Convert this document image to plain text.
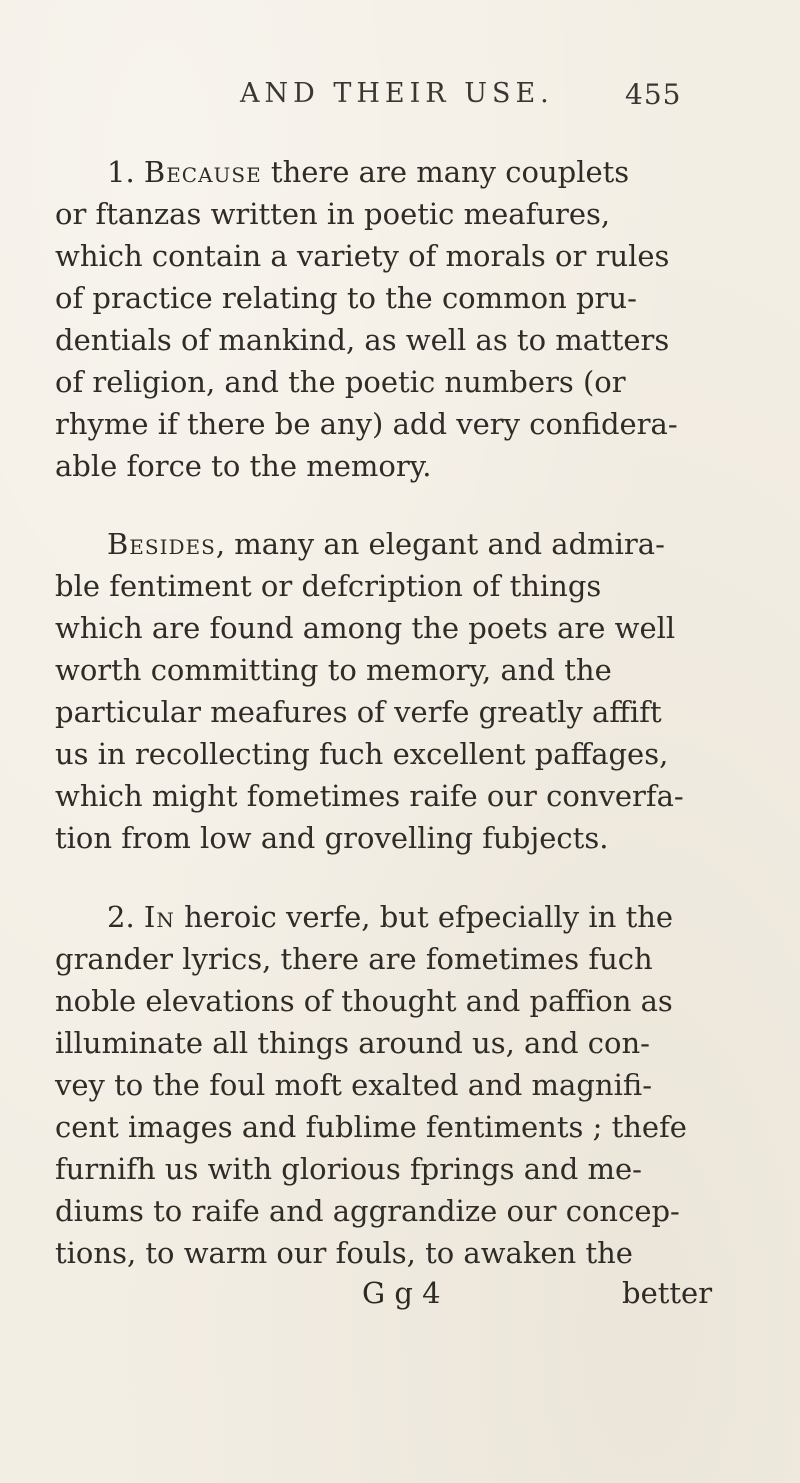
AND THEIR USE.	455
1. Because there are many couplets
or ftanzas written in poetic meafures,
which contain a variety of morals or rules
of practice relating to the common pru-
dentials of mankind, as well as to matters
of religion, and the poetic numbers (or
rhyme if there be any) add very confidera-
able force to the memory.
Besides, many an elegant and admira-
ble fentiment or defcription of things
which are found among the poets are well
worth committing to memory, and the
particular meafures of verfe greatly affift
us in recollecting fuch excellent paffages,
which might fometimes raife our converfa-
tion from low and grovelling fubjects.
2. In heroic verfe, but efpecially in the
grander lyrics, there are fometimes fuch
noble elevations of thought and paffion as
illuminate all things around us, and con-
vey to the foul moft exalted and magnifi-
cent images and fublime fentiments ; thefe
furnifh us with glorious fprings and me-
diums to raife and aggrandize our concep-
tions, to warm our fouls, to awaken the
G g 4	better
